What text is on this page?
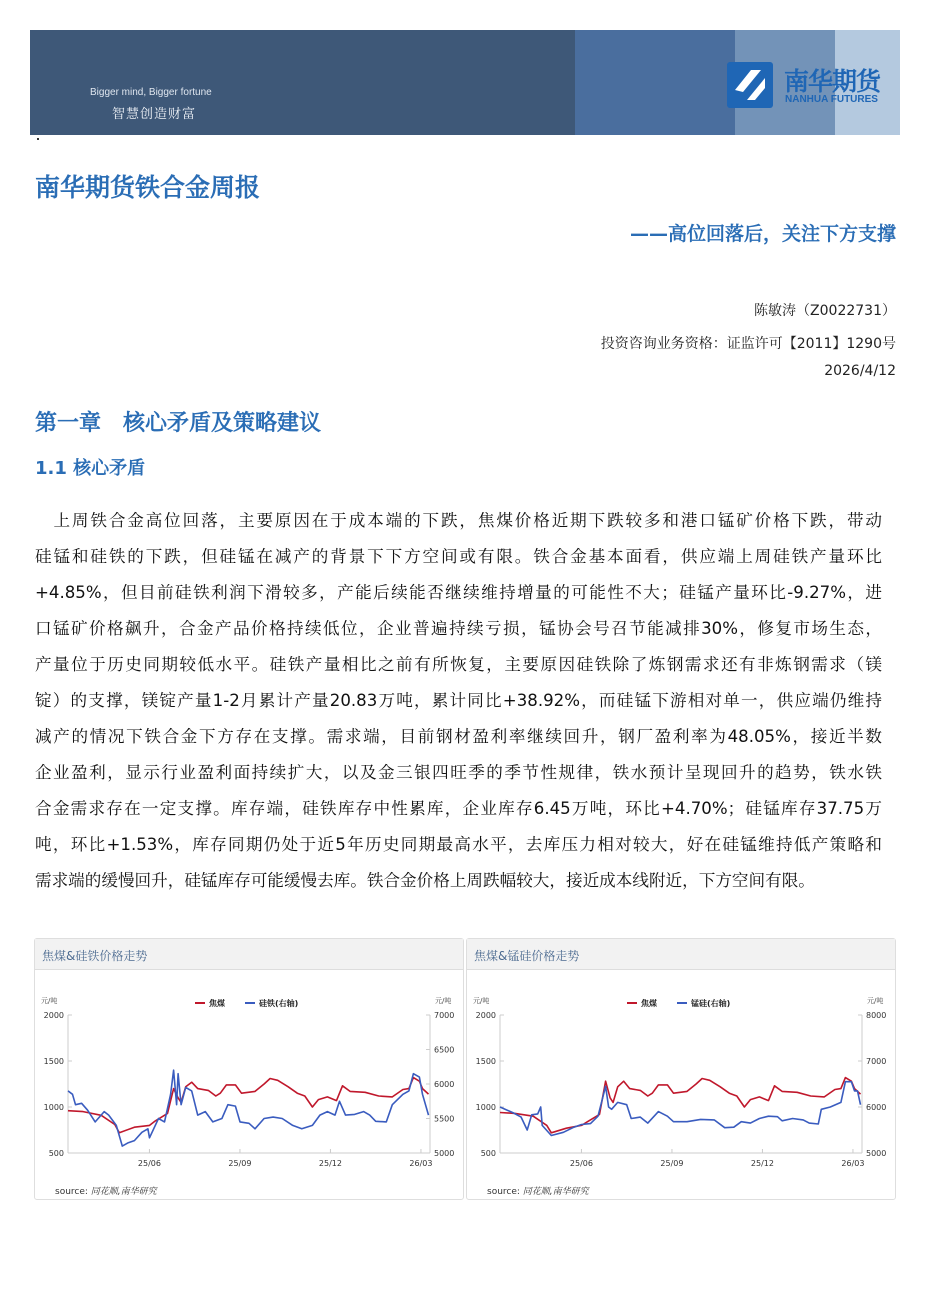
Bigger mind, Bigger fortune
智慧创造财富
南华期货
NANHUA FUTURES
南华期货铁合金周报
——高位回落后，关注下方支撑
陈敏涛（Z0022731）
投资咨询业务资格：证监许可【2011】1290号
2026/4/12
第一章　核心矛盾及策略建议
1.1 核心矛盾
　上周铁合金高位回落，主要原因在于成本端的下跌，焦煤价格近期下跌较多和港口锰矿价格下跌，带动
硅锰和硅铁的下跌，但硅锰在减产的背景下下方空间或有限。铁合金基本面看，供应端上周硅铁产量环比
+4.85%，但目前硅铁利润下滑较多，产能后续能否继续维持增量的可能性不大；硅锰产量环比-9.27%，进
口锰矿价格飙升，合金产品价格持续低位，企业普遍持续亏损，锰协会号召节能减排30%，修复市场生态，
产量位于历史同期较低水平。硅铁产量相比之前有所恢复，主要原因硅铁除了炼钢需求还有非炼钢需求（镁
锭）的支撑，镁锭产量1-2月累计产量20.83万吨，累计同比+38.92%，而硅锰下游相对单一，供应端仍维持
减产的情况下铁合金下方存在支撑。需求端，目前钢材盈利率继续回升，钢厂盈利率为48.05%，接近半数
企业盈利，显示行业盈利面持续扩大，以及金三银四旺季的季节性规律，铁水预计呈现回升的趋势，铁水铁
合金需求存在一定支撑。库存端，硅铁库存中性累库，企业库存6.45万吨，环比+4.70%；硅锰库存37.75万
吨，环比+1.53%，库存同期仍处于近5年历史同期最高水平，去库压力相对较大，好在硅锰维持低产策略和
需求端的缓慢回升，硅锰库存可能缓慢去库。铁合金价格上周跌幅较大，接近成本线附近，下方空间有限。
焦煤&硅铁价格走势
元/吨	元/吨
2000
1500
1000
500
7000
6500
6000
5500
5000
25/06	25/09	25/12	26/03
焦煤	硅铁(右轴)
source: 同花顺,南华研究
焦煤&锰硅价格走势
元/吨	元/吨
2000
1500
1000
500
8000
7000
6000
5000
25/06	25/09	25/12	26/03
焦煤	锰硅(右轴)
source: 同花顺,南华研究
